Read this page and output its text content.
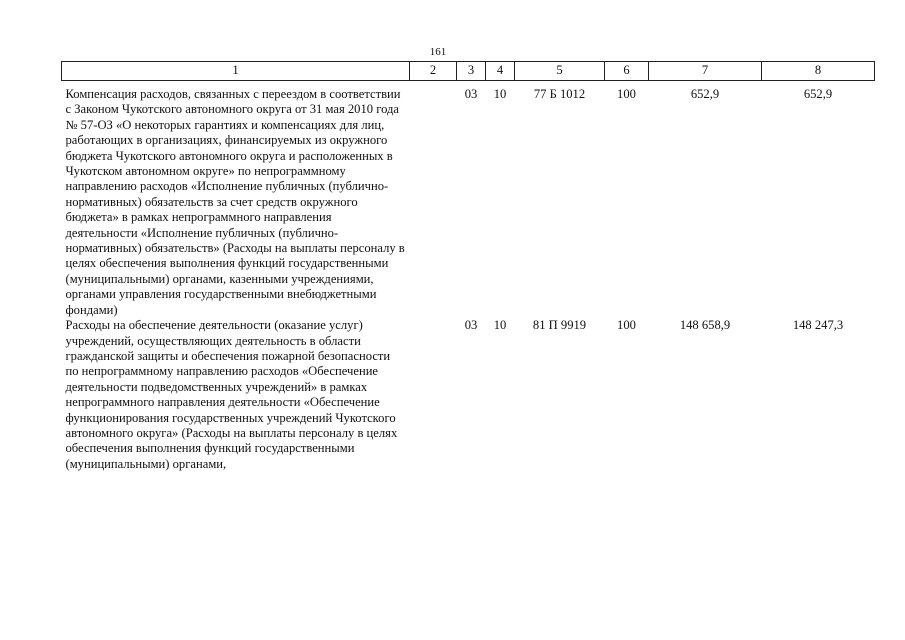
161
1	2	3	4	5	6	7	8
Компенсация расходов, связанных с переездом в соответствии с Законом Чукотского автономного округа от 31 мая 2010 года № 57-ОЗ «О некоторых гарантиях и компенсациях для лиц, работающих в организациях, финансируемых из окружного бюджета Чукотского автономного округа и расположенных в Чукотском автономном округе» по непрограммному направлению расходов «Исполнение публичных (публично-нормативных) обязательств за счет средств окружного бюджета» в рамках непрограммного направления деятельности «Исполнение публичных (публично-нормативных) обязательств» (Расходы на выплаты персоналу в целях обеспечения выполнения функций государственными (муниципальными) органами, казенными учреждениями, органами управления государственными внебюджетными фондами)		03	10	77 Б 1012	100	652,9	652,9
Расходы на обеспечение деятельности (оказание услуг) учреждений, осуществляющих деятельность в области гражданской защиты и обеспечения пожарной безопасности по непрограммному направлению расходов «Обеспечение деятельности подведомственных учреждений» в рамках непрограммного направления деятельности «Обеспечение функционирования государственных учреждений Чукотского автономного округа» (Расходы на выплаты персоналу в целях обеспечения выполнения функций государственными (муниципальными) органами,		03	10	81 П 9919	100	148 658,9	148 247,3
